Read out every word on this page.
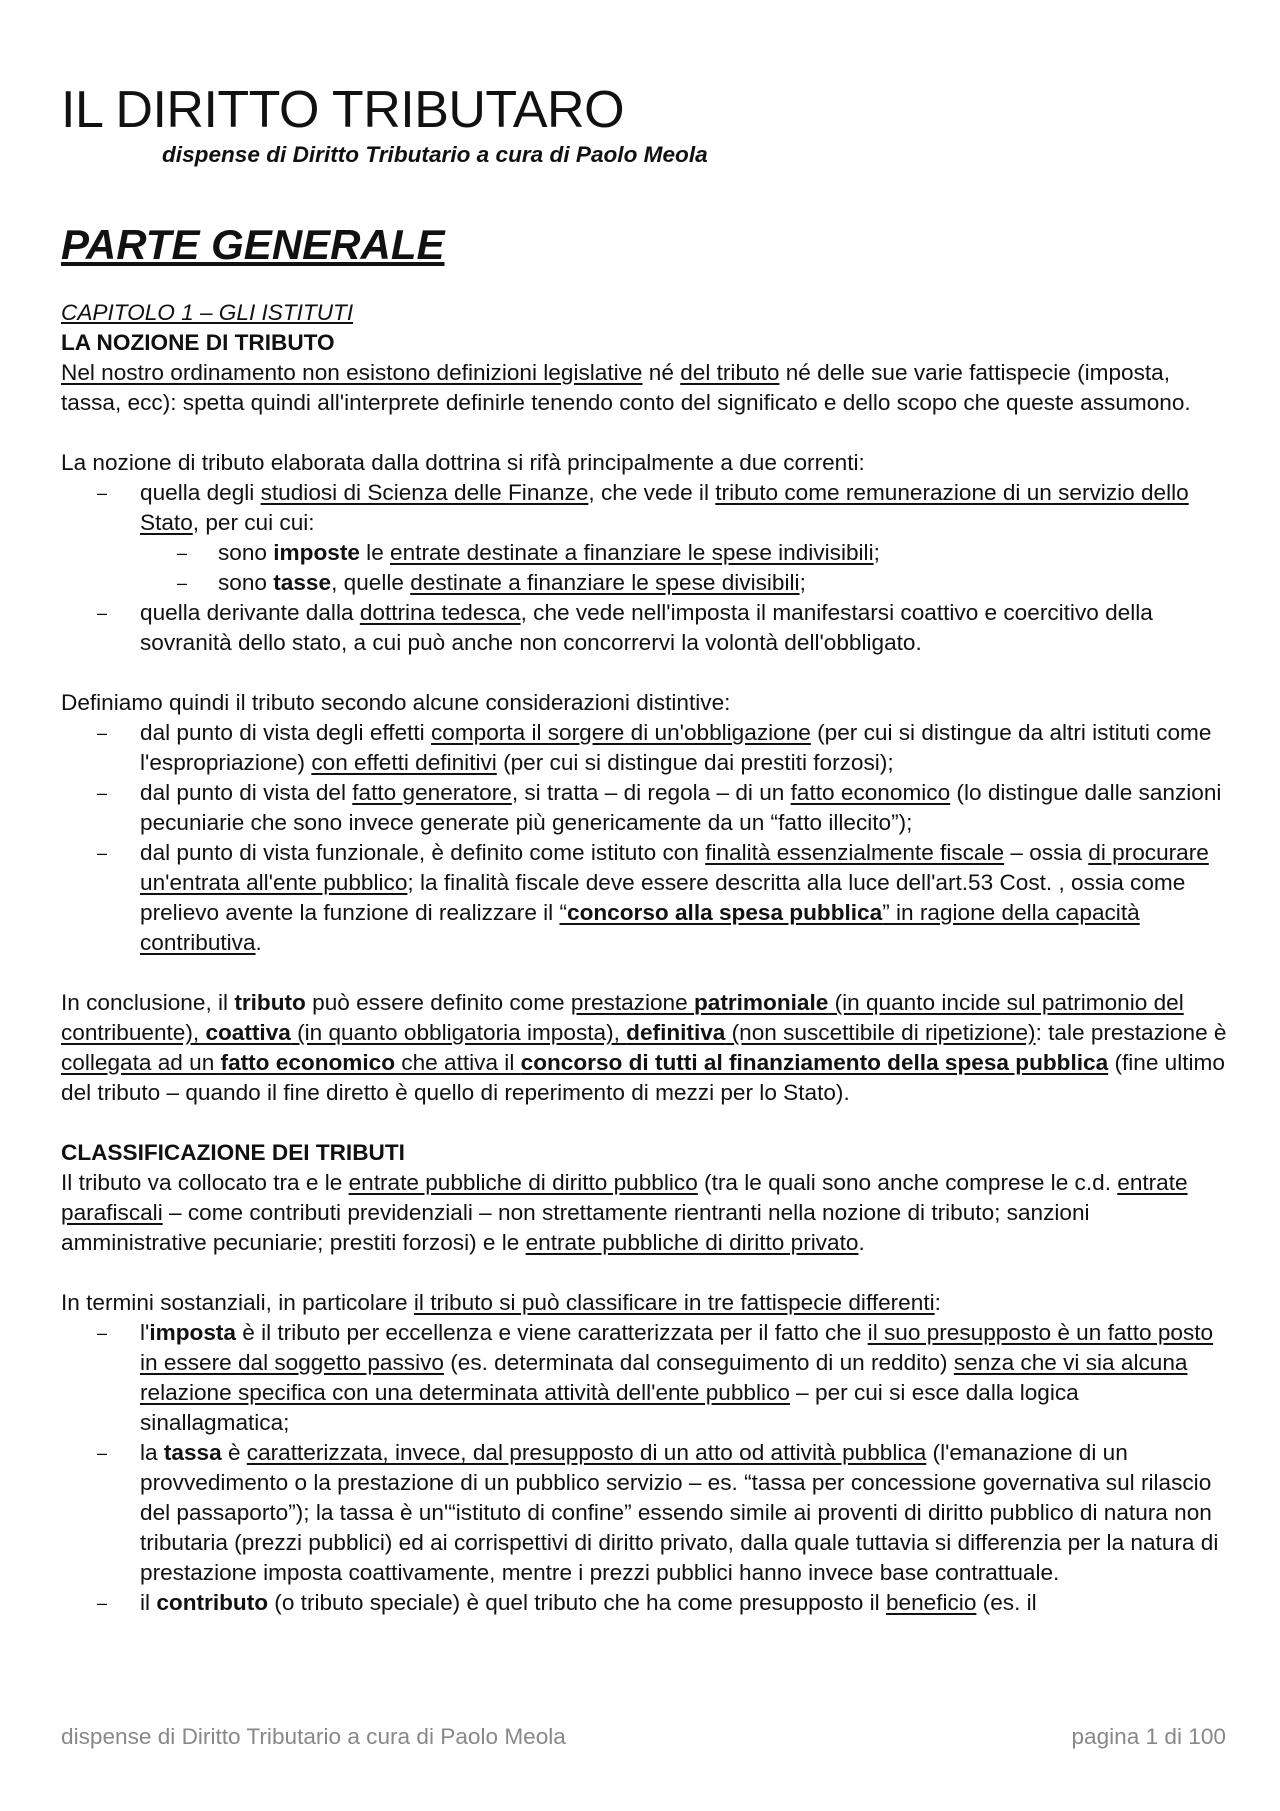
IL DIRITTO TRIBUTARO

dispense di Diritto Tributario a cura di Paolo Meola

PARTE GENERALE

CAPITOLO 1 – GLI ISTITUTI

LA NOZIONE DI TRIBUTO

Nel nostro ordinamento non esistono definizioni legislative né del tributo né delle sue varie fattispecie (imposta, tassa, ecc): spetta quindi all'interprete definirle tenendo conto del significato e dello scopo che queste assumono.

La nozione di tributo elaborata dalla dottrina si rifà principalmente a due correnti:

–	quella degli studiosi di Scienza delle Finanze, che vede il tributo come remunerazione di un servizio dello Stato, per cui cui:
–	sono imposte le entrate destinate a finanziare le spese indivisibili;
–	sono tasse, quelle destinate a finanziare le spese divisibili;
–	quella derivante dalla dottrina tedesca, che vede nell'imposta il manifestarsi coattivo e coercitivo della sovranità dello stato, a cui può anche non concorrervi la volontà dell'obbligato.

Definiamo quindi il tributo secondo alcune considerazioni distintive:

–	dal punto di vista degli effetti comporta il sorgere di un'obbligazione (per cui si distingue da altri istituti come l'espropriazione) con effetti definitivi (per cui si distingue dai prestiti forzosi);
–	dal punto di vista del fatto generatore, si tratta – di regola – di un fatto economico (lo distingue dalle sanzioni pecuniarie che sono invece generate più genericamente da un “fatto illecito”);
–	dal punto di vista funzionale, è definito come istituto con finalità essenzialmente fiscale – ossia di procurare un'entrata all'ente pubblico; la finalità fiscale deve essere descritta alla luce dell'art.53 Cost. , ossia come prelievo avente la funzione di realizzare il “concorso alla spesa pubblica” in ragione della capacità contributiva.

In conclusione, il tributo può essere definito come prestazione patrimoniale (in quanto incide sul patrimonio del contribuente), coattiva (in quanto obbligatoria imposta), definitiva (non suscettibile di ripetizione): tale prestazione è collegata ad un fatto economico che attiva il concorso di tutti al finanziamento della spesa pubblica (fine ultimo del tributo – quando il fine diretto è quello di reperimento di mezzi per lo Stato).

CLASSIFICAZIONE DEI TRIBUTI

Il tributo va collocato tra e le entrate pubbliche di diritto pubblico (tra le quali sono anche comprese le c.d. entrate parafiscali – come contributi previdenziali – non strettamente rientranti nella nozione di tributo; sanzioni amministrative pecuniarie; prestiti forzosi) e le entrate pubbliche di diritto privato.

In termini sostanziali, in particolare il tributo si può classificare in tre fattispecie differenti:

–	l'imposta è il tributo per eccellenza e viene caratterizzata per il fatto che il suo presupposto è un fatto posto in essere dal soggetto passivo (es. determinata dal conseguimento di un reddito) senza che vi sia alcuna relazione specifica con una determinata attività dell'ente pubblico – per cui si esce dalla logica sinallagmatica;
–	la tassa è caratterizzata, invece, dal presupposto di un atto od attività pubblica (l'emanazione di un provvedimento o la prestazione di un pubblico servizio – es. “tassa per concessione governativa sul rilascio del passaporto”); la tassa è un'“istituto di confine” essendo simile ai proventi di diritto pubblico di natura non tributaria (prezzi pubblici) ed ai corrispettivi di diritto privato, dalla quale tuttavia si differenzia per la natura di prestazione imposta coattivamente, mentre i prezzi pubblici hanno invece base contrattuale.
–	il contributo (o tributo speciale) è quel tributo che ha come presupposto il beneficio (es. il
dispense di Diritto Tributario a cura di Paolo Meola	pagina 1 di 100
